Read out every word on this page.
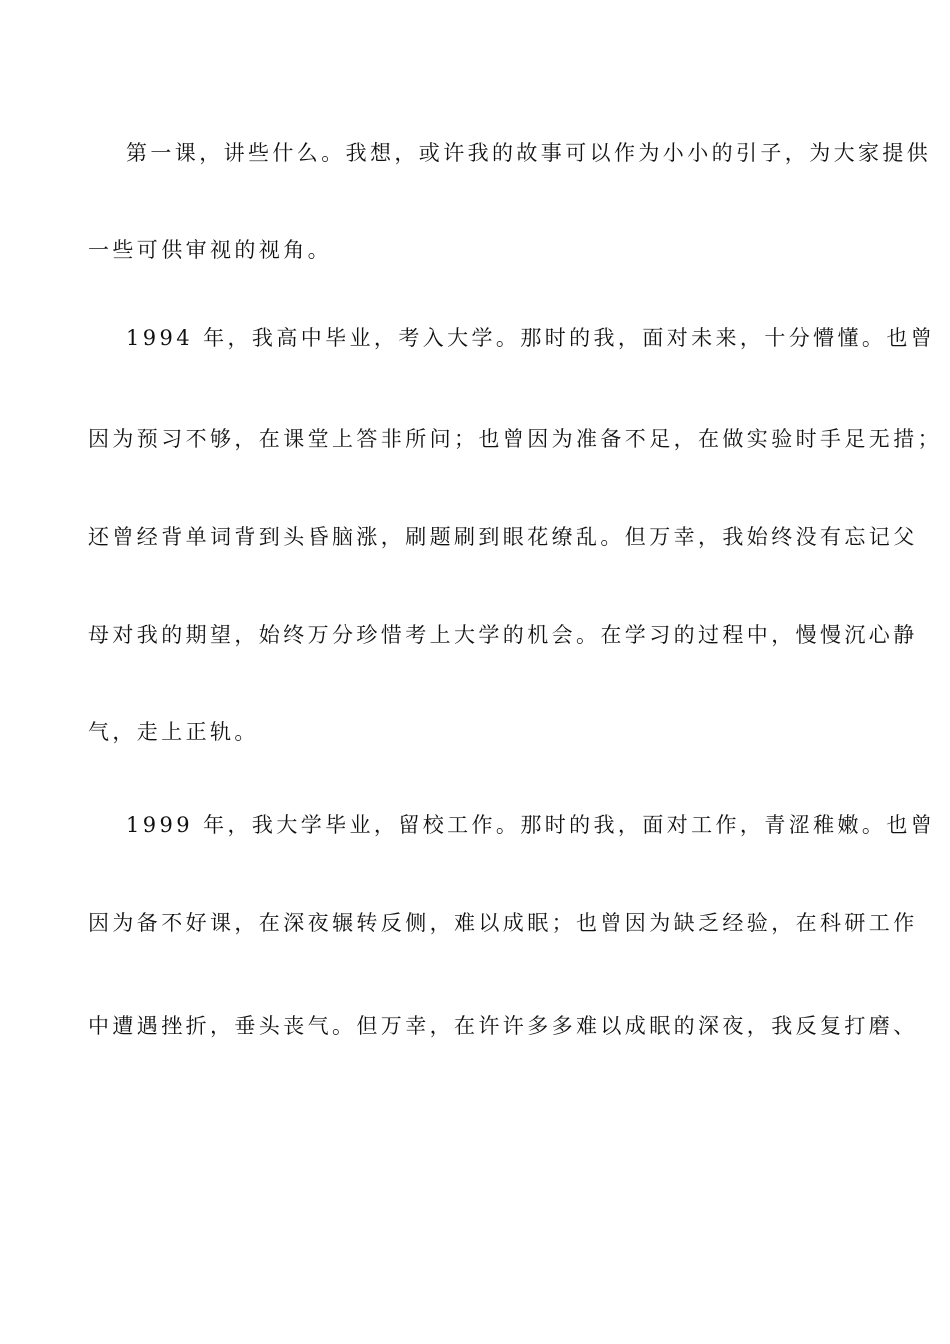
第一课，讲些什么。我想，或许我的故事可以作为小小的引子，为大家提供
一些可供审视的视角。
1994 年，我高中毕业，考入大学。那时的我，面对未来，十分懵懂。也曾
因为预习不够，在课堂上答非所问；也曾因为准备不足，在做实验时手足无措；
还曾经背单词背到头昏脑涨，刷题刷到眼花缭乱。但万幸，我始终没有忘记父
母对我的期望，始终万分珍惜考上大学的机会。在学习的过程中，慢慢沉心静
气，走上正轨。
1999 年，我大学毕业，留校工作。那时的我，面对工作，青涩稚嫩。也曾
因为备不好课，在深夜辗转反侧，难以成眠；也曾因为缺乏经验，在科研工作
中遭遇挫折，垂头丧气。但万幸，在许许多多难以成眠的深夜，我反复打磨、
